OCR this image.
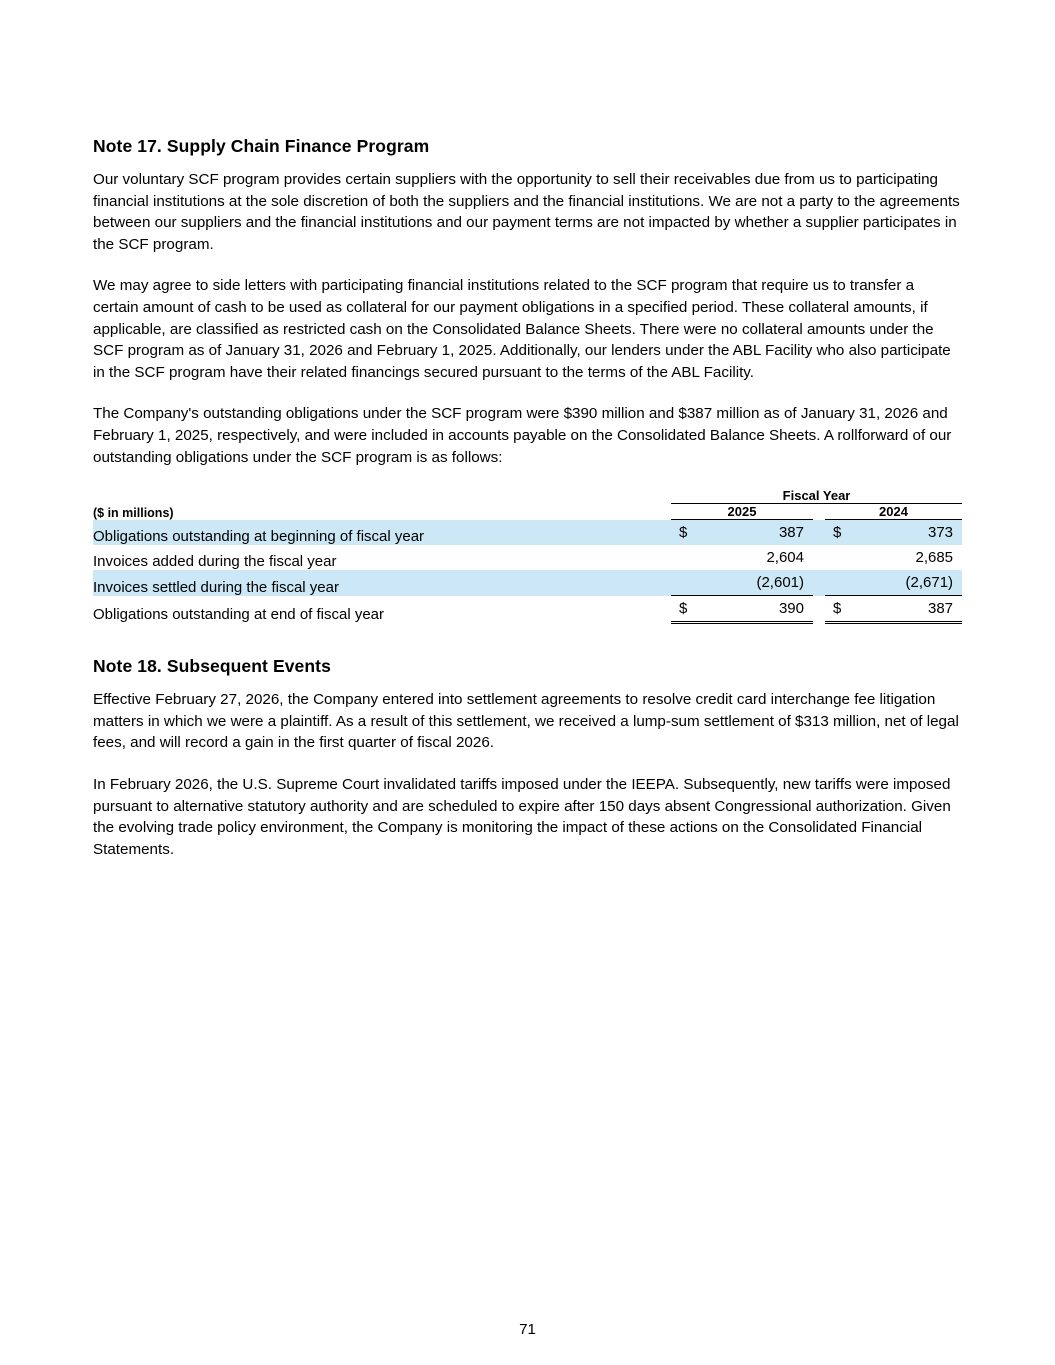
Note 17. Supply Chain Finance Program

Our voluntary SCF program provides certain suppliers with the opportunity to sell their receivables due from us to participating financial institutions at the sole discretion of both the suppliers and the financial institutions. We are not a party to the agreements between our suppliers and the financial institutions and our payment terms are not impacted by whether a supplier participates in the SCF program.

We may agree to side letters with participating financial institutions related to the SCF program that require us to transfer a certain amount of cash to be used as collateral for our payment obligations in a specified period. These collateral amounts, if applicable, are classified as restricted cash on the Consolidated Balance Sheets. There were no collateral amounts under the SCF program as of January 31, 2026 and February 1, 2025. Additionally, our lenders under the ABL Facility who also participate in the SCF program have their related financings secured pursuant to the terms of the ABL Facility.

The Company's outstanding obligations under the SCF program were $390 million and $387 million as of January 31, 2026 and February 1, 2025, respectively, and were included in accounts payable on the Consolidated Balance Sheets. A rollforward of our outstanding obligations under the SCF program is as follows:

	Fiscal Year		
($ in millions)	2025		2024
Obligations outstanding at beginning of fiscal year	$ 387		$ 373

Invoices added during the fiscal year	2,604		2,685

Invoices settled during the fiscal year	(2,601)		(2,671)

Obligations outstanding at end of fiscal year	$ 390		$ 387
Note 18. Subsequent Events

Effective February 27, 2026, the Company entered into settlement agreements to resolve credit card interchange fee litigation matters in which we were a plaintiff. As a result of this settlement, we received a lump-sum settlement of $313 million, net of legal fees, and will record a gain in the first quarter of fiscal 2026.

In February 2026, the U.S. Supreme Court invalidated tariffs imposed under the IEEPA. Subsequently, new tariffs were imposed pursuant to alternative statutory authority and are scheduled to expire after 150 days absent Congressional authorization. Given the evolving trade policy environment, the Company is monitoring the impact of these actions on the Consolidated Financial Statements.

71
